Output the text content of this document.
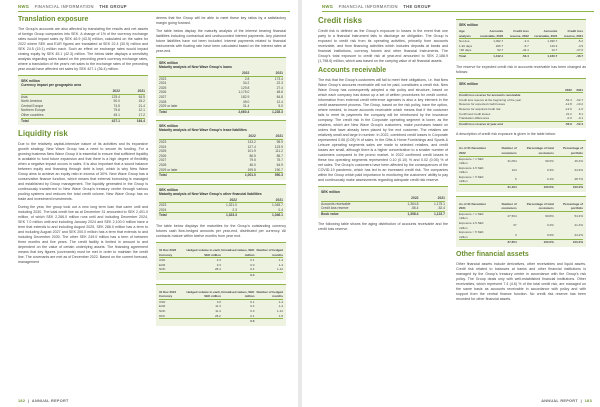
NWG FINANCIAL INFORMATION THE GROUP
Translation exposure

The Group's accounts are also affected by translating the results and net assets of foreign Group companies into SEK. A change of 1% of the currency exchange rates would impact sales by SEK 46.9 (43.5) million, calculated on the sales for 2022 where SEK and EUR figures are translated at SEK 22.4 (30.9) million and SEK 24.5 (19.1) million each. Such an effect on exchange rates would impact closing equity by SEK 45.1 (42.3) million. The below table displays a sensitivity analysis regarding sales based on the preceding year's currency exchange rates, where a translation of the year's net sales to the exchange rates of the preceding year would have affected net sales by SEK 427.1 (36.4) million.

SEK million
Currency impact per geographic area
	2022	2021
Asia	125.4	64.5
North America	90.0	15.2
Central Europe	74.5	21.4
Northern Europe	79.6	12.1
Other countries	45.1	17.2
Total	427.1	164.4
Liquidity risk

Due to the relatively capital-intensive nature of its activities and its expansive growth strategy, New Wave Group has a need to secure its funding. For a growing business New Wave Group it is essential to ensure that sufficient liquidity is available to fund future expansion and that there is a high degree of flexibility when a negative impact occurs in sales. It is also important that a sound balance between equity and financing through debt is kept, which is why New Wave Group aims to achieve an equity ratio in excess of 30%. New Wave Group has a conservative finance function, which means that external borrowing is managed and established by Group management. The liquidity generated in the Group is continuously transferred to New Wave Group's treasury centre through various pooling systems and reduces the total credit volume. New Wave Group has no trade and investment investments.

During the year, the group took out a new long term loan that came until and including 2030. The total credit line as at December 31 amounted to SEK 2,401.0 million, of which SEK 2,266.0 million runs until and including December 2024, SEK 7.0 million until and including January 2024 and SEK 2,100.0 million have a term that extends to and including August 2025, SEK 286.0 million has a term to and including August 2027 and SEK 200.0 million has a term that extends to and including December 2030. The other SEK 249.0 million has a term of between three months and five years. The credit facility is limited in amount to and dependent on the value of certain underlying assets. The financing agreement means that key figures (covenants) must be met in order to maintain the credit line. The covenants are met as of December 2022. Based on the current forecast, management

deems that the Group will be able to meet these key ratios by a satisfactory margin going forward.

The table below display the maturity analysis of the interest bearing financial liabilities including contractual and undiscounted interest payments. Any planned future liabilities have not been included. Interest payments related to financial instruments with floating rate have been calculated based on the interest rates at year-end.

SEK million
Maturity analysis of New Wave Group's loans
	2022	2021
2023	2.8	173.4
2024	34.2	22.3
2025	129.8	27.4
2026	1,175.0	48.6
2027	182.9	84.8
2028	49.0	12.4
2029 or later	31.4	5.0
Total	2,660.4	1,228.3
SEK million
Maturity analysis of New Wave Group's lease liabilities
	2022	2021
2023	133.2	95.9
2024	127.4	123.9
2025	101.9	111.2
2026	86.5	85.7
2027	79.5	75.7
2028	46.0	64.9
2029 or later	199.5	190.7
Total	1,001.0	950.3
SEK million
Maturity analysis of New Wave Group's other financial liabilities
	2022	2021
2023	1,321.0	1,045.7
2024	2.3	0.4
Total	1,323.3	1,046.1

The table below displays the maturities for the Group's outstanding currency futures cash flow-hedged amounts per year-end, distributed per currency. All contracts mature within twelve months from year end.

31 Dec 2022 Currency	Hedged volume in each, SEK million	Unrealised values, SEK million	Number of hedged months
USD	2.3	0.1	1-4
EUR	3.3	0.0	1-4
NOK	28.4	0.4	1-12
		0.4	
31 Dec 2021 Currency	Hedged volume in each, SEK million	Unrealised values, SEK million	Number of hedged months
USD	3.0	0.1	1-4
EUR	11.3	0.4	1-4
NOK	11.4	0.3	1-12
DKK	28.2	0.1	1-5
		0.3	
182  |  ANNUAL REPORT
NWG FINANCIAL INFORMATION THE GROUP
Credit risks

Credit risk is defined as the Group's exposure to losses in the event that one party to a financial instrument fails to discharge an obligation. The Group is exposed to credit risk from its operating activities, primarily from accounts receivable, and from financing activities which includes deposits at banks and financial institutions, currency futures and other financial instruments. The Group's total exposure to credit risk at year-end amounted to SEK 2,188.9 (1,798.6) million, which was based on the carrying value of all financial assets.

Accounts receivable

The risk that the Group's customers will fail to meet their obligations, i.e. that New Wave Group's accounts receivable will not be paid, constitutes a credit risk. New Wave Group has consequently adopted a risk policy and structure, based on which each company has drawn up a set of written procedures for credit control. Information from external credit reference agencies is also a key element in the credit assessment process. The Group, based on the risk policy, have the option, where needed, to insure accounts receivable which means that if the customer fails to meet its payments the company will be reimbursed by the insurance company. The credit risk in the Corporate operating segment is lower, as the retailers, which are New Wave Group's customers, make purchases based on orders that have already been placed by the end customer. The retailers are relatively small and large in number. In 2022, combined credit losses in Corporate represented 0.06 (0.05) % of sales. In the Gifts & Home Furnishings and Sports & Leisure operating segments sales are made to selected retailers, and credit losses are small, although there is a higher concentration to a smaller number of customers compared to the promo market. In 2022 confirmed credit losses in these two operating segments represented 0.10 (0.10) % and 0.02 (0.05) % of net sales. The Group's customers have been affected by the consequences of the COVID-19 pandemic, which has led to an increased credit risk. The companies within the Group which paid importance to monitoring the customers' ability to pay and continuously make assessments regarding adequate credit risk reserve.

SEK million
	2022	2021
Accounts receivable	1,364.8	1,175.1
Credit loss reserve	-56.4	-52.4
Book value	1,308.4	1,122.7

The following table shows the aging distribution of accounts receivable and the credit loss reserve.

SEK million
Age analysis	Accounts receivable, 2022	Credit loss reserve, 2022	Accounts receivable, 2021	Credit loss reserve, 2021
Not due	1,092.7	-3.3	1,030.7	-5.2
1-90 days	266.7	-5.7	116.3	-3.9
>90 days	52.7	-44.4	13.7	-37.6
Total	1,412.1	-53.4	1,160.7	-46.7

The reserve for expected credit risk in accounts receivable has been changed as follows:

SEK million
	2022	2021
Credit loss reserve for accounts receivable		
Credit loss reserve at the beginning of the year	-52.4	-62.7
Reserve for expected credit losses	-12.8	-10.2
Reserve for acquired credit risk	-12.6	-1.6
Confirmed credit losses	21.2	8.1
Translation differences	-0.3	-0.1
Credit loss reserve at year-end	-56.9	-52.4

A description of credit risk exposure is given in the table below:

As of 31 December 2022	Number of customers	Percentage of total customers	Percentage of portfolio
Exposure < 1 SEK million	31,054	99.6%	46.4%
Exposure 1-5 SEK million	104	0.3%	24.9%
Exposure > 5 SEK million	6	0.1%	28.7%
	31,164	100.0%	100.0%
As of 31 December 2021	Number of customers	Percentage of total customers	Percentage of portfolio
Exposure < 1 SEK million	27,504	99.8%	54.4%
Exposure 1-5 SEK million	67	0.2%	21.4%
Exposure > 5 SEK million	3	0.0%	24.2%
	27,654	100.0%	100.0%
Other financial assets

Other financial assets include derivatives, other receivables and liquid assets. Credit risk related to balances at banks and other financial institutions is managed by the Group's treasury centre in accordance with the Group's risk policy. The Group deals only with well-established financial institutions. Other receivables, which represent 7.4 (4.6) % of the total credit risk, are managed on the same basis as accounts receivable in accordance with policy and with support from the central finance function. No credit risk reserve has been recorded for other financial assets.

ANNUAL REPORT  |  183
